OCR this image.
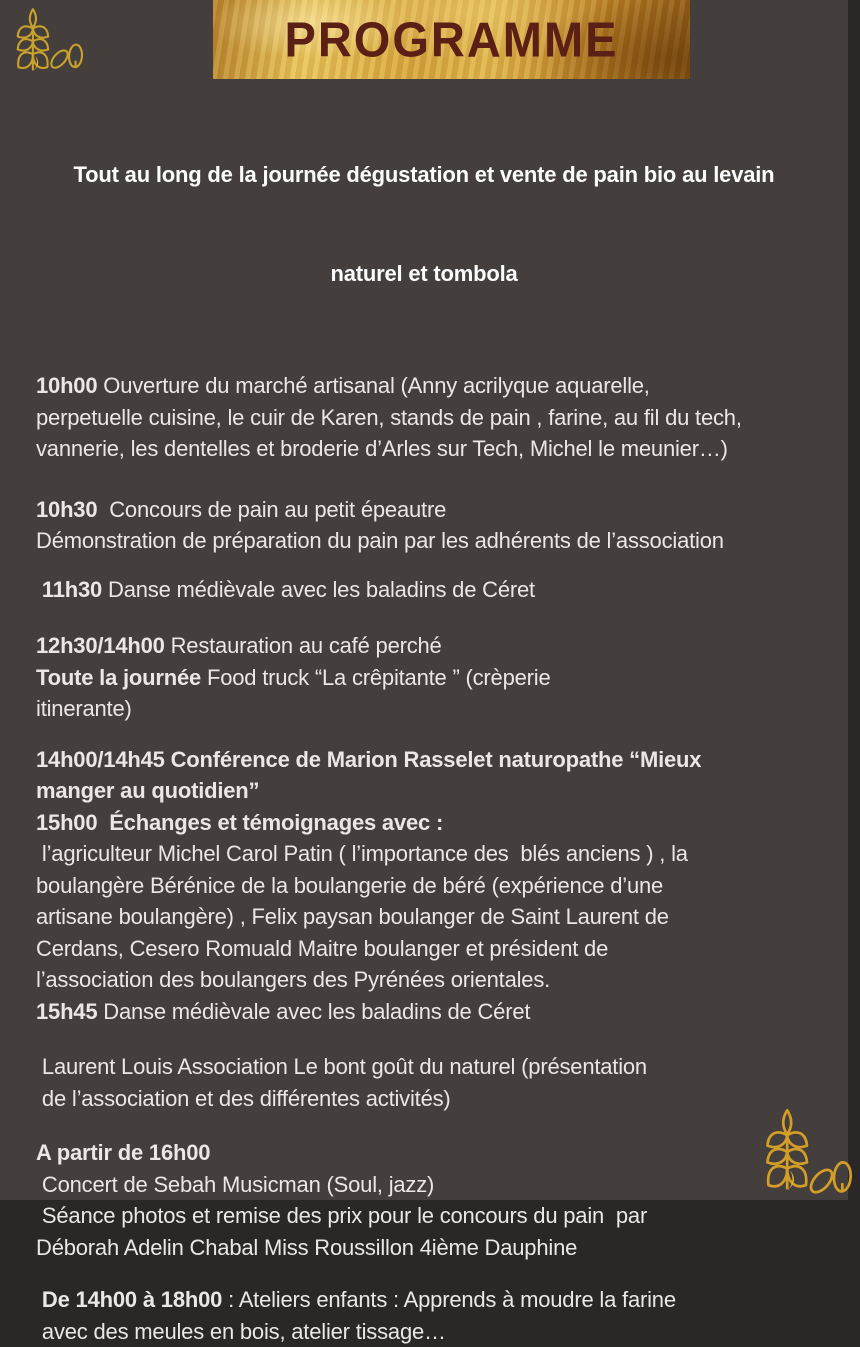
PROGRAMME

Tout au long de la journée dégustation et vente de pain bio au levain

naturel et tombola

10h00 Ouverture du marché artisanal (Anny acrilyque aquarelle,
perpetuelle cuisine, le cuir de Karen, stands de pain , farine, au fil du tech,
vannerie, les dentelles et broderie d’Arles sur Tech, Michel le meunier…)
10h30  Concours de pain au petit épeautre
Démonstration de préparation du pain par les adhérents de l’association
11h30 Danse médièvale avec les baladins de Céret
12h30/14h00 Restauration au café perché
Toute la journée Food truck “La crêpitante ” (crèperie
itinerante)
14h00/14h45 Conférence de Marion Rasselet naturopathe “Mieux
manger au quotidien”
15h00  Échanges et témoignages avec :
l’agriculteur Michel Carol Patin ( l’importance des  blés anciens ) , la
boulangère Bérénice de la boulangerie de béré (expérience d’une
artisane boulangère) , Felix paysan boulanger de Saint Laurent de
Cerdans, Cesero Romuald Maitre boulanger et président de
l’association des boulangers des Pyrénées orientales.
15h45 Danse médièvale avec les baladins de Céret
Laurent Louis Association Le bont goût du naturel (présentation
de l’association et des différentes activités)
A partir de 16h00
Concert de Sebah Musicman (Soul, jazz)
Séance photos et remise des prix pour le concours du pain  par
Déborah Adelin Chabal Miss Roussillon 4ième Dauphine
De 14h00 à 18h00 : Ateliers enfants : Apprends à moudre la farine
avec des meules en bois, atelier tissage…
